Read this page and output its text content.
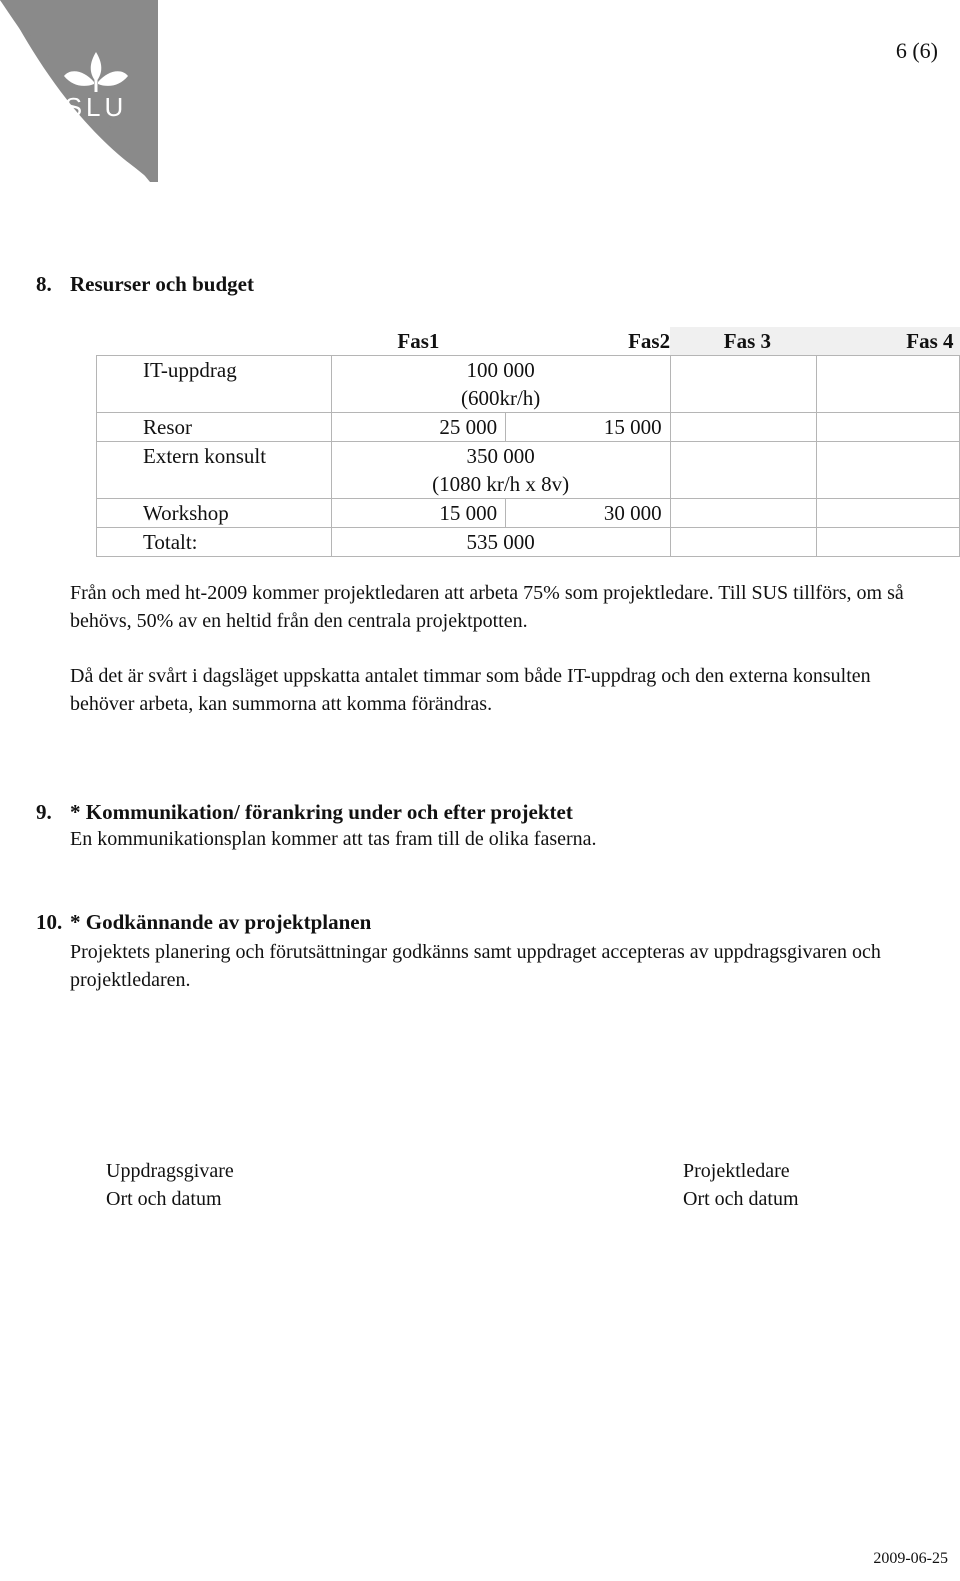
SLU
6 (6)
8. Resurser och budget
	Fas1	Fas2	Fas 3	Fas 4
IT-uppdrag	100 000
(600kr/h)			

Resor	25 000	15 000		
Extern konsult	350 000
(1080 kr/h x 8v)			

Workshop	15 000	30 000		
Totalt:	535 000			

Från och med ht-2009 kommer projektledaren att arbeta 75% som projektledare. Till SUS tillförs, om så behövs, 50% av en heltid från den centrala projektpotten.
Då det är svårt i dagsläget uppskatta antalet timmar som både IT-uppdrag och den externa konsulten behöver arbeta, kan summorna att komma förändras.
9. * Kommunikation/ förankring under och efter projektet
En kommunikationsplan kommer att tas fram till de olika faserna.
10. * Godkännande av projektplanen
Projektets planering och förutsättningar godkänns samt uppdraget accepteras av uppdragsgivaren och projektledaren.
Uppdragsgivare
Ort och datum
Projektledare
Ort och datum
2009-06-25
